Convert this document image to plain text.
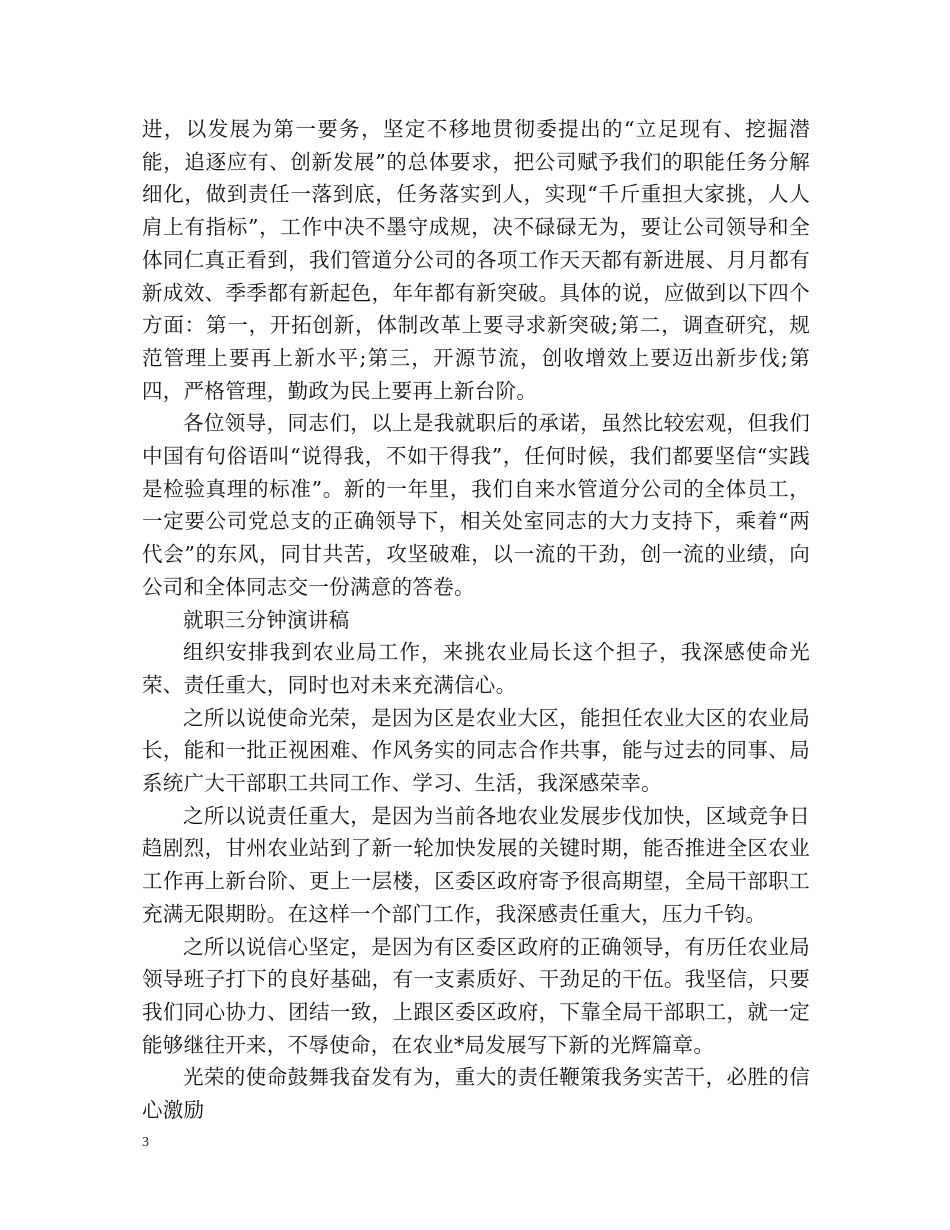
进，以发展为第一要务，坚定不移地贯彻委提出的“立足现有、挖掘潜能，追逐应有、创新发展”的总体要求，把公司赋予我们的职能任务分解细化，做到责任一落到底，任务落实到人，实现“千斤重担大家挑，人人肩上有指标”，工作中决不墨守成规，决不碌碌无为，要让公司领导和全体同仁真正看到，我们管道分公司的各项工作天天都有新进展、月月都有新成效、季季都有新起色，年年都有新突破。具体的说，应做到以下四个方面：第一，开拓创新，体制改革上要寻求新突破;第二，调查研究，规范管理上要再上新水平;第三，开源节流，创收增效上要迈出新步伐;第四，严格管理，勤政为民上要再上新台阶。

各位领导，同志们，以上是我就职后的承诺，虽然比较宏观，但我们中国有句俗语叫“说得我，不如干得我”，任何时候，我们都要坚信“实践是检验真理的标准”。新的一年里，我们自来水管道分公司的全体员工，一定要公司党总支的正确领导下，相关处室同志的大力支持下，乘着“两代会”的东风，同甘共苦，攻坚破难，以一流的干劲，创一流的业绩，向公司和全体同志交一份满意的答卷。

就职三分钟演讲稿

组织安排我到农业局工作，来挑农业局长这个担子，我深感使命光荣、责任重大，同时也对未来充满信心。

之所以说使命光荣，是因为区是农业大区，能担任农业大区的农业局长，能和一批正视困难、作风务实的同志合作共事，能与过去的同事、局系统广大干部职工共同工作、学习、生活，我深感荣幸。

之所以说责任重大，是因为当前各地农业发展步伐加快，区域竞争日趋剧烈，甘州农业站到了新一轮加快发展的关键时期，能否推进全区农业工作再上新台阶、更上一层楼，区委区政府寄予很高期望，全局干部职工充满无限期盼。在这样一个部门工作，我深感责任重大，压力千钧。

之所以说信心坚定，是因为有区委区政府的正确领导，有历任农业局领导班子打下的良好基础，有一支素质好、干劲足的干伍。我坚信，只要我们同心协力、团结一致，上跟区委区政府，下靠全局干部职工，就一定能够继往开来，不辱使命，在农业*局发展写下新的光辉篇章。

光荣的使命鼓舞我奋发有为，重大的责任鞭策我务实苦干，必胜的信心激励

3
